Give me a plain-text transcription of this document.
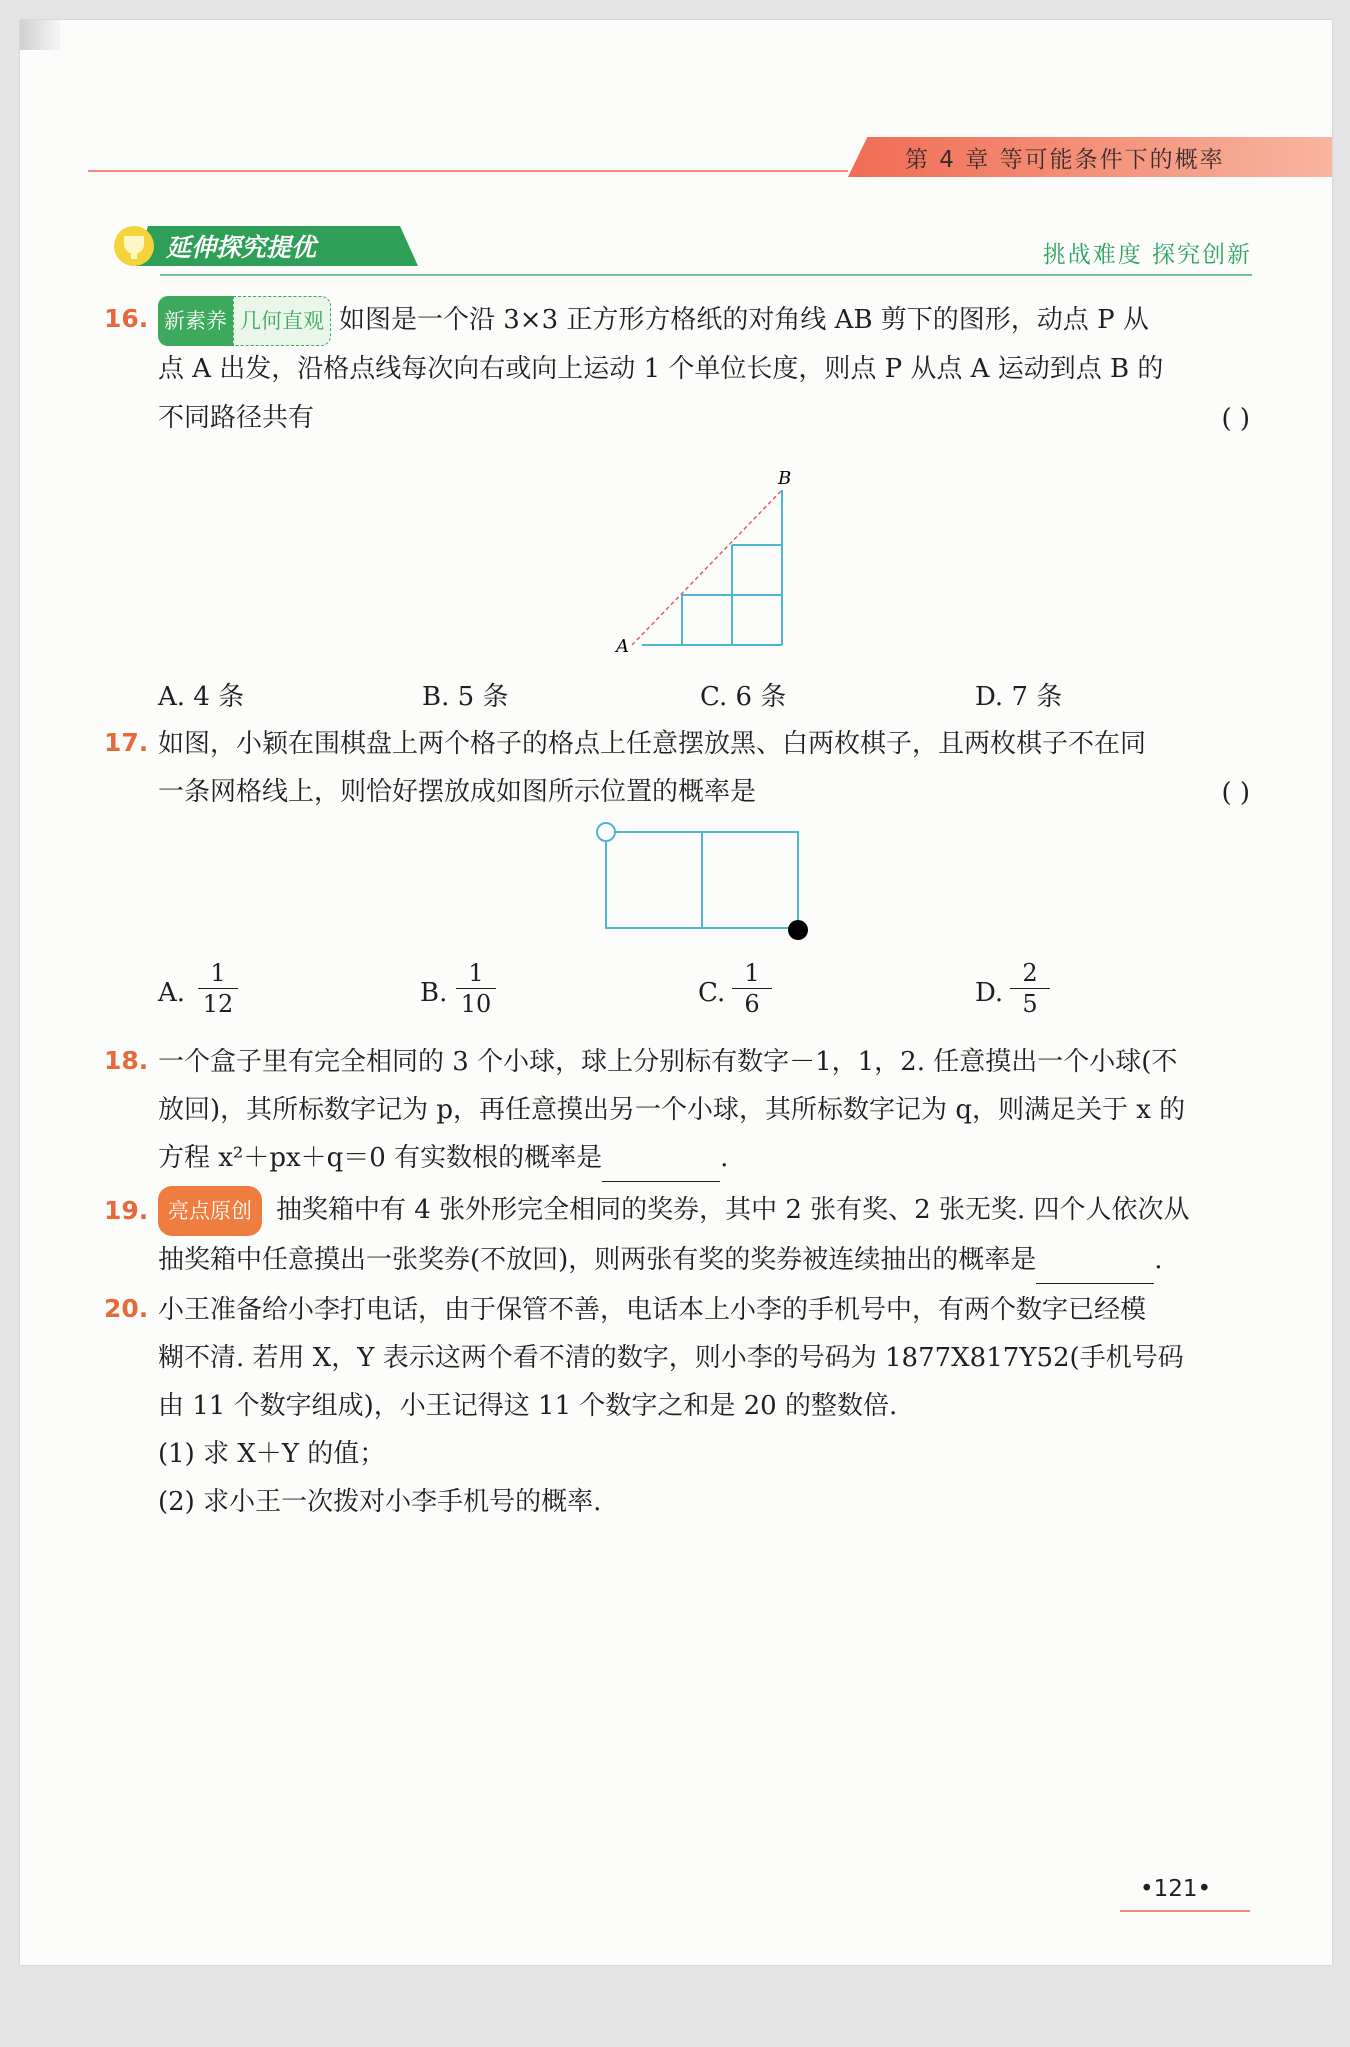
第 4 章 等可能条件下的概率
延伸探究提优	挑战难度 探究创新
16. 新素养 几何直观 如图是一个沿 3×3 正方形方格纸的对角线 AB 剪下的图形，动点 P 从
点 A 出发，沿格点线每次向右或向上运动 1 个单位长度，则点 P 从点 A 运动到点 B 的
不同路径共有	( )
A
B
A. 4 条	B. 5 条	C. 6 条	D. 7 条
17. 如图，小颖在围棋盘上两个格子的格点上任意摆放黑、白两枚棋子，且两枚棋子不在同
一条网格线上，则恰好摆放成如图所示位置的概率是	( )
A. $\frac{1}{12}$	B. $\frac{1}{10}$	C. $\frac{1}{6}$	D. $\frac{2}{5}$
18. 一个盒子里有完全相同的 3 个小球，球上分别标有数字－1，1，2. 任意摸出一个小球(不
放回)，其所标数字记为 p，再任意摸出另一个小球，其所标数字记为 q，则满足关于 x 的
方程 x²＋px＋q＝0 有实数根的概率是	.
19. 亮点原创 抽奖箱中有 4 张外形完全相同的奖券，其中 2 张有奖、2 张无奖. 四个人依次从
抽奖箱中任意摸出一张奖券(不放回)，则两张有奖的奖券被连续抽出的概率是	.
20. 小王准备给小李打电话，由于保管不善，电话本上小李的手机号中，有两个数字已经模
糊不清. 若用 X，Y 表示这两个看不清的数字，则小李的号码为 1877X817Y52(手机号码
由 11 个数字组成)，小王记得这 11 个数字之和是 20 的整数倍.
(1) 求 X＋Y 的值；
(2) 求小王一次拨对小李手机号的概率.
•121•
